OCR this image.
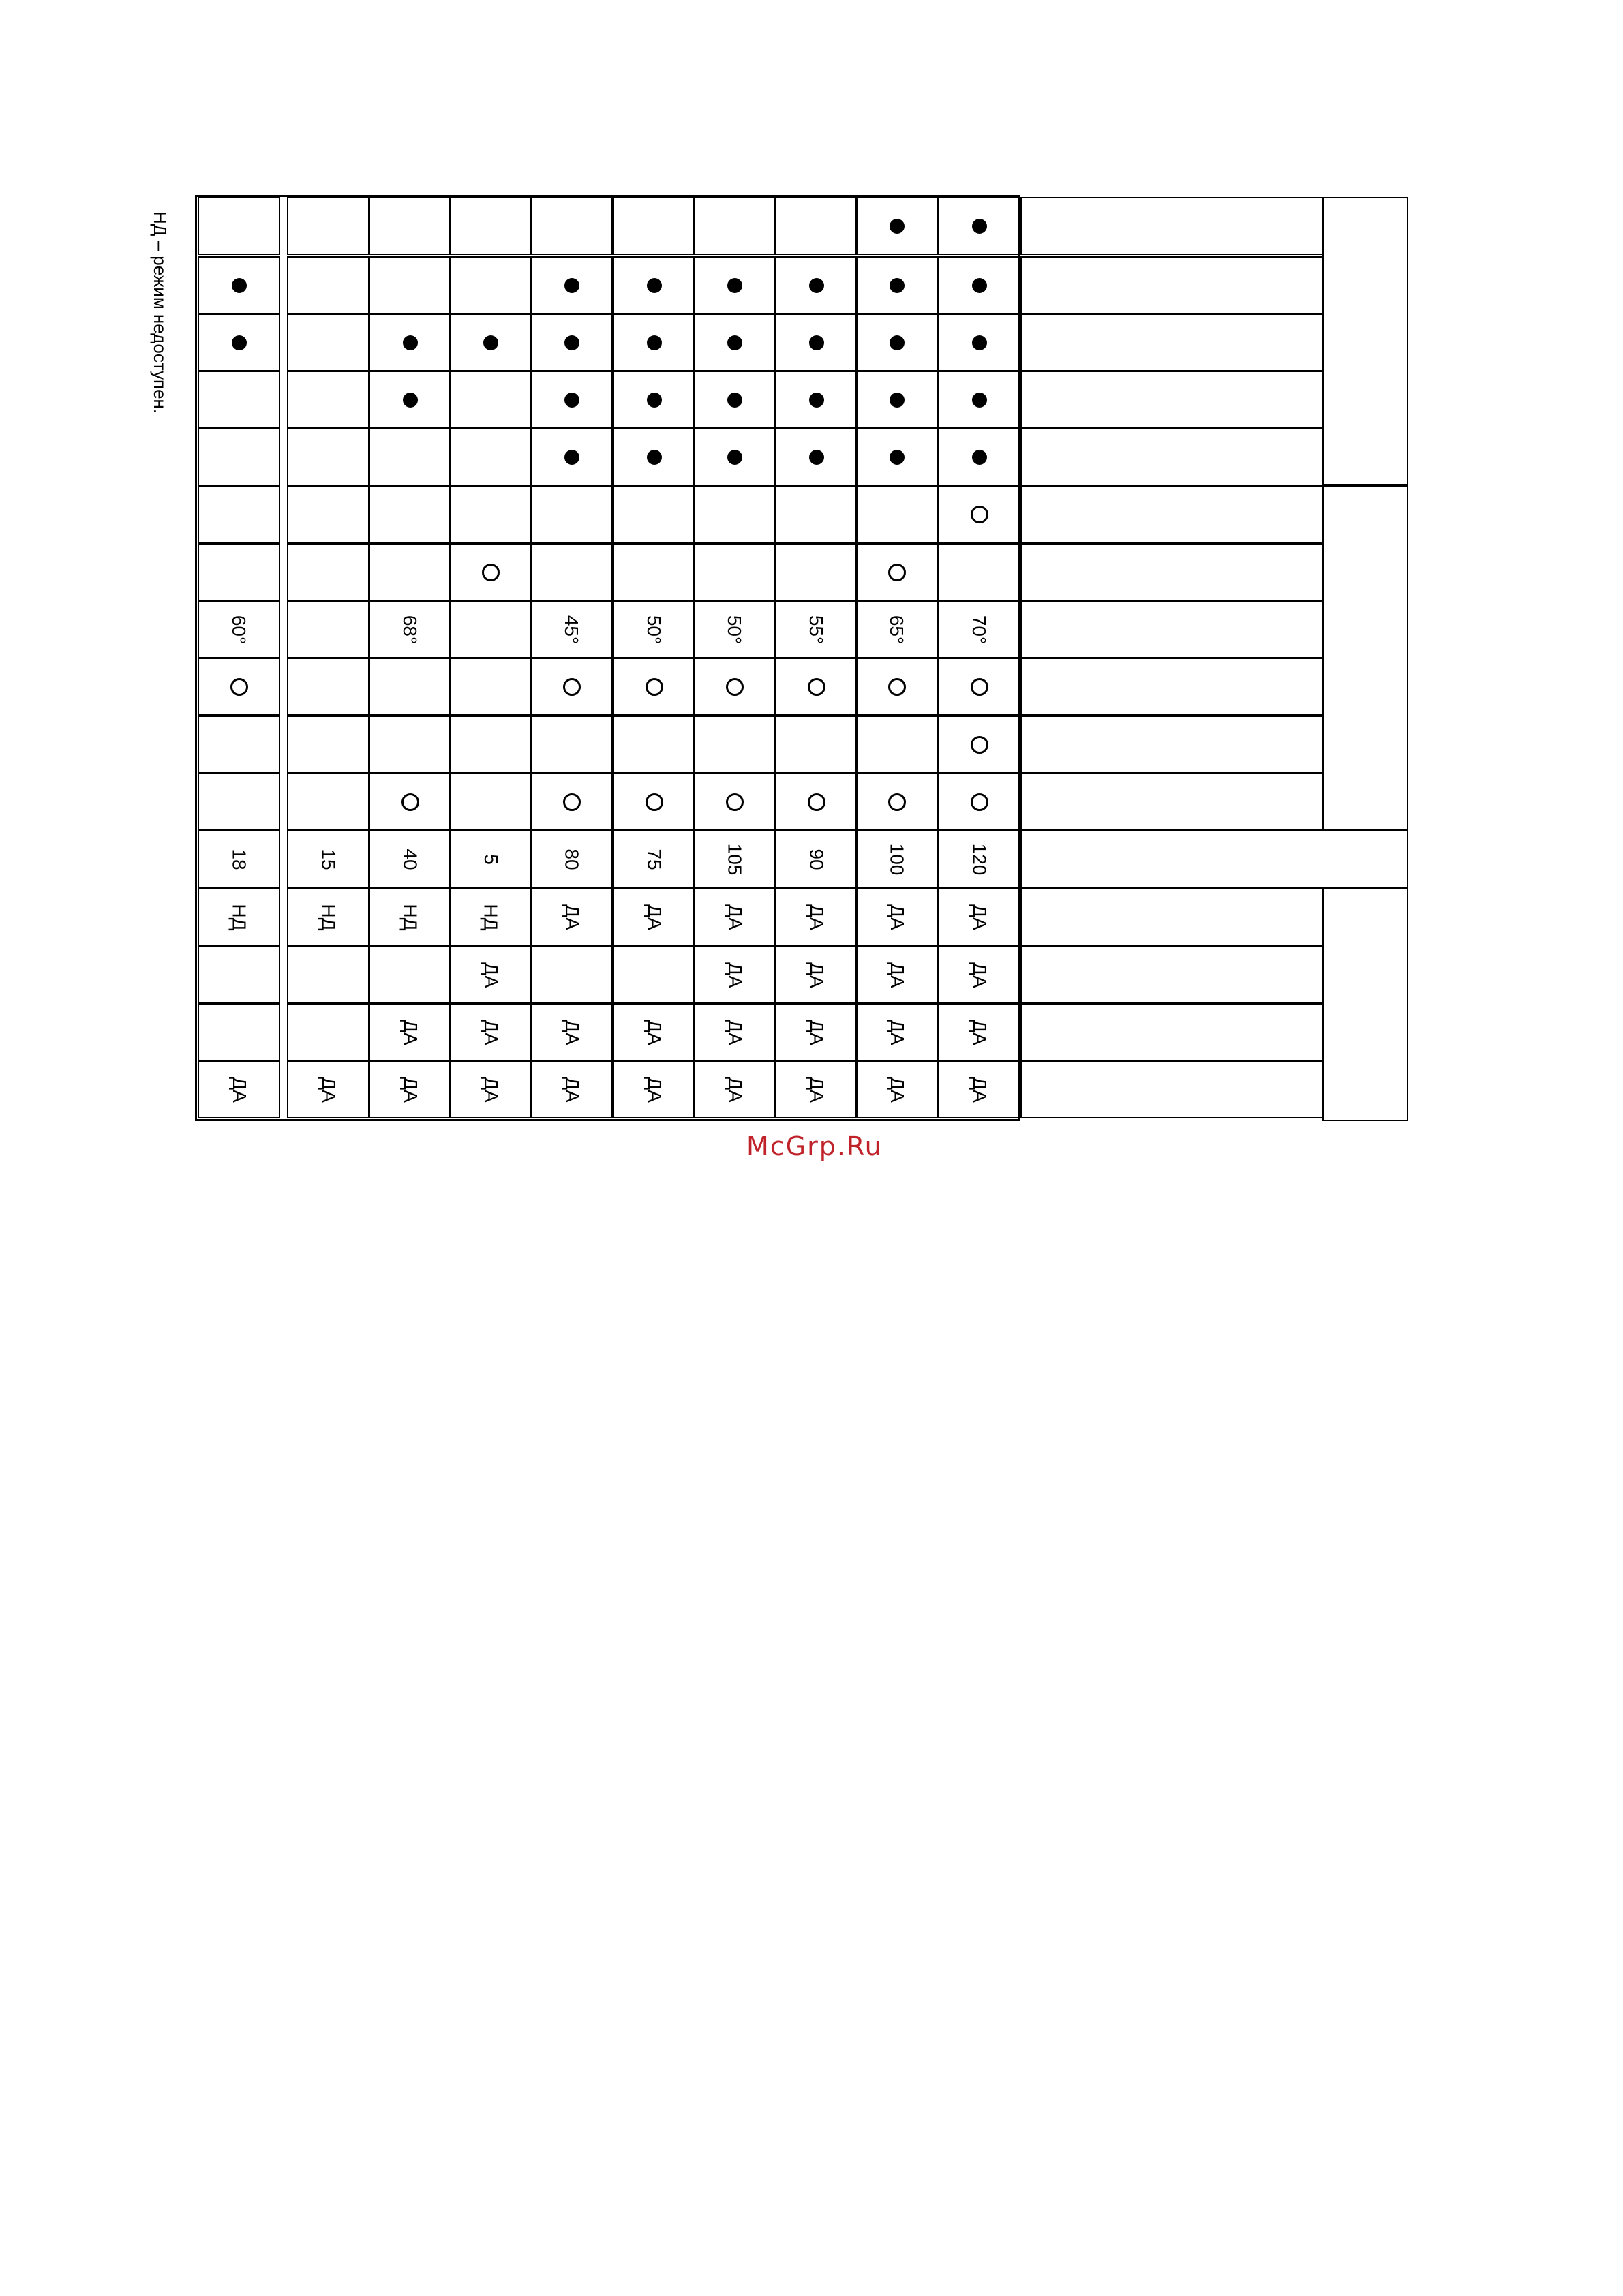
НД – режим недоступен.
60°
18
НД
ДА
15
НД
ДА
68°
40
НД
ДА
ДА
5
НД
ДА
ДА
ДА
45°
80
ДА
ДА
ДА
50°
75
ДА
ДА
ДА
50°
105
ДА
ДА
ДА
ДА
55°
90
ДА
ДА
ДА
ДА
65°
100
ДА
ДА
ДА
ДА
70°
120
ДА
ДА
ДА
ДА
McGrp.Ru
